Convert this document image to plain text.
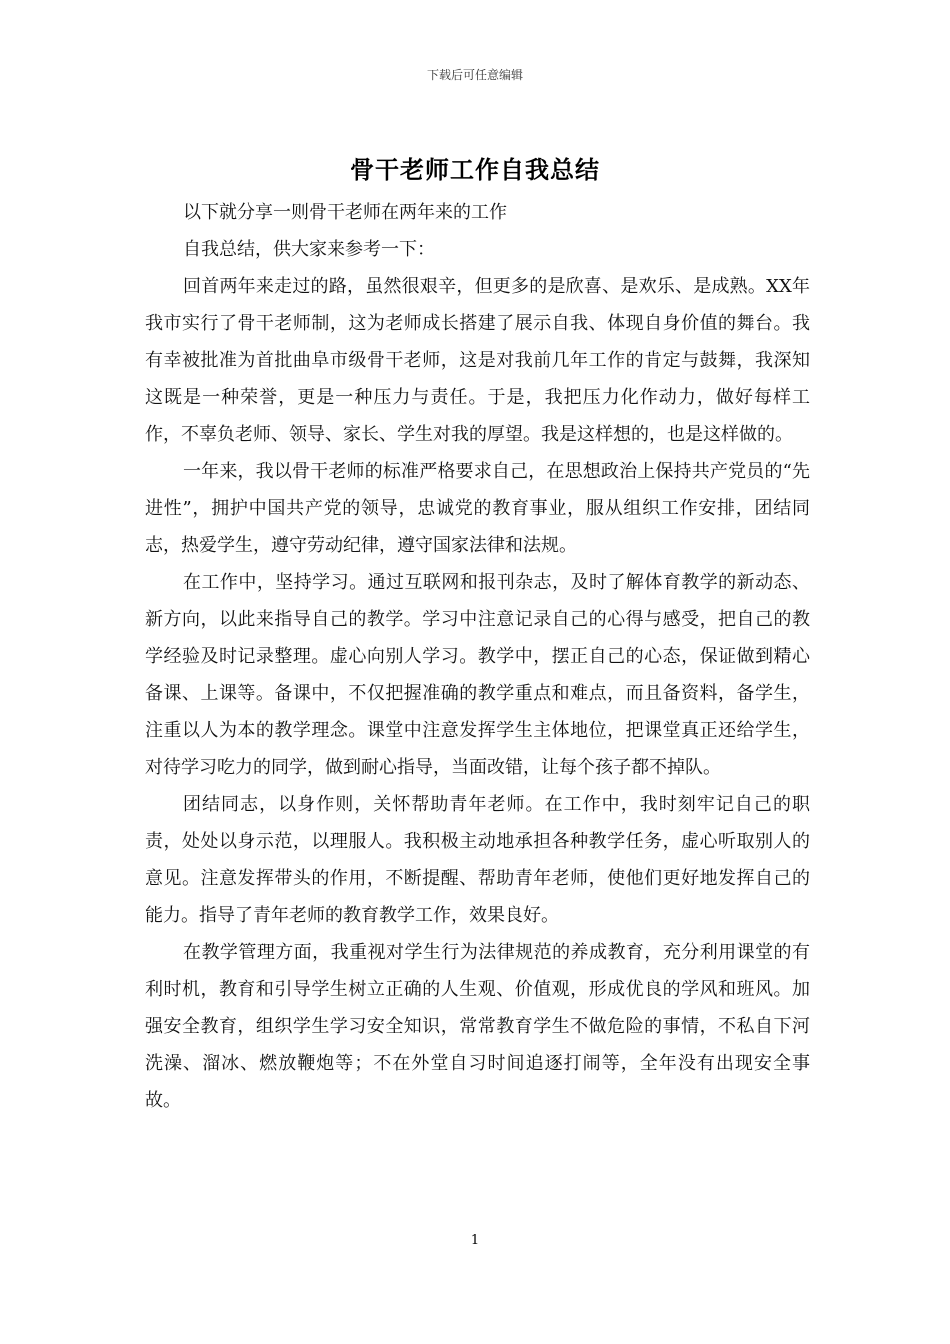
下载后可任意编辑
骨干老师工作自我总结

以下就分享一则骨干老师在两年来的工作

自我总结，供大家来参考一下：

回首两年来走过的路，虽然很艰辛，但更多的是欣喜、是欢乐、是成熟。XX年我市实行了骨干老师制，这为老师成长搭建了展示自我、体现自身价值的舞台。我有幸被批准为首批曲阜市级骨干老师，这是对我前几年工作的肯定与鼓舞，我深知这既是一种荣誉，更是一种压力与责任。于是，我把压力化作动力，做好每样工作，不辜负老师、领导、家长、学生对我的厚望。我是这样想的，也是这样做的。

一年来，我以骨干老师的标准严格要求自己，在思想政治上保持共产党员的“先进性”，拥护中国共产党的领导，忠诚党的教育事业，服从组织工作安排，团结同志，热爱学生，遵守劳动纪律，遵守国家法律和法规。

在工作中，坚持学习。通过互联网和报刊杂志，及时了解体育教学的新动态、新方向，以此来指导自己的教学。学习中注意记录自己的心得与感受，把自己的教学经验及时记录整理。虚心向别人学习。教学中，摆正自己的心态，保证做到精心备课、上课等。备课中，不仅把握准确的教学重点和难点，而且备资料，备学生，注重以人为本的教学理念。课堂中注意发挥学生主体地位，把课堂真正还给学生，对待学习吃力的同学，做到耐心指导，当面改错，让每个孩子都不掉队。

团结同志，以身作则，关怀帮助青年老师。在工作中，我时刻牢记自己的职责，处处以身示范，以理服人。我积极主动地承担各种教学任务，虚心听取别人的意见。注意发挥带头的作用，不断提醒、帮助青年老师，使他们更好地发挥自己的能力。指导了青年老师的教育教学工作，效果良好。

在教学管理方面，我重视对学生行为法律规范的养成教育，充分利用课堂的有利时机，教育和引导学生树立正确的人生观、价值观，形成优良的学风和班风。加强安全教育，组织学生学习安全知识，常常教育学生不做危险的事情，不私自下河洗澡、溜冰、燃放鞭炮等；不在外堂自习时间追逐打闹等，全年没有出现安全事故。

1
